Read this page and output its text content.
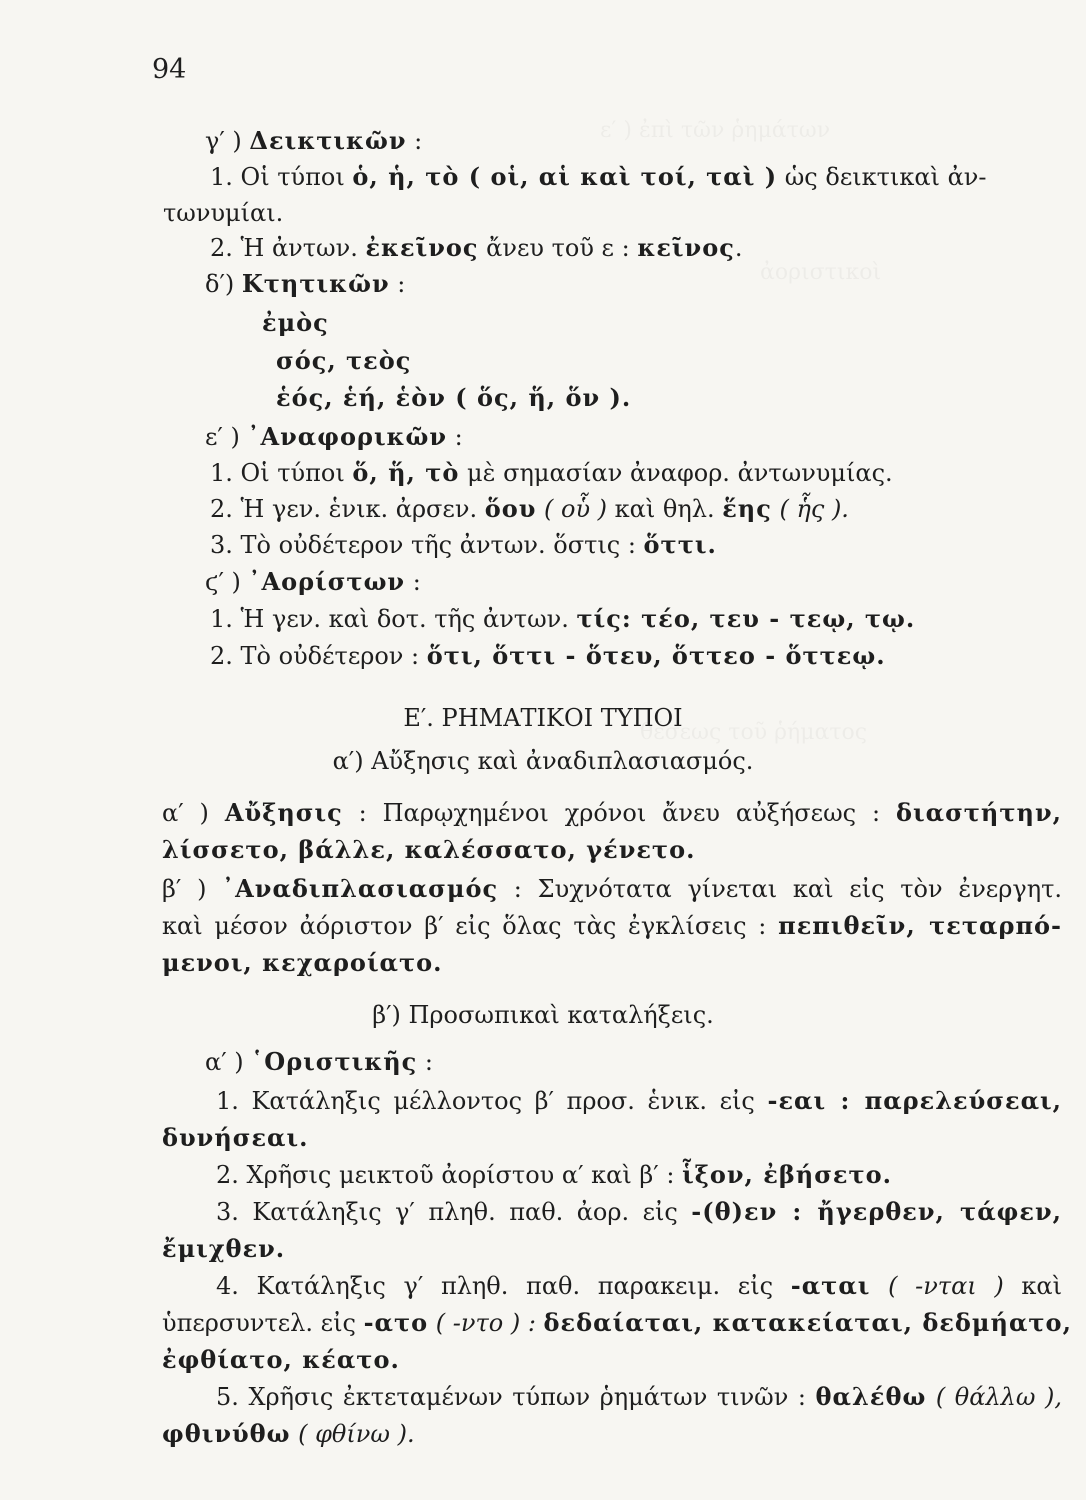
94
γ′ ) Δεικτικῶν :
1. Οἱ τύποι ὁ, ἡ, τὸ ( οἱ, αἱ καὶ τοί, ταὶ ) ὡς δεικτικαὶ ἀν-
τωνυμίαι.
2. Ἡ ἀντων. ἐκεῖνος ἄνευ τοῦ ε : κεῖνος.
δ′) Κτητικῶν :
ἐμὸς
σός, τεὸς
ἑός, ἑή, ἑὸν ( ὅς, ἥ, ὅν ).
ε′ ) ᾿Αναφορικῶν :
1. Οἱ τύποι ὅ, ἥ, τὸ μὲ σημασίαν ἀναφορ. ἀντωνυμίας.
2. Ἡ γεν. ἑνικ. ἀρσεν. ὅου ( οὗ ) καὶ θηλ. ἕης ( ἧς ).
3. Τὸ οὐδέτερον τῆς ἀντων. ὅστις : ὅττι.
ϛ′ ) ᾿Αορίστων :
1. Ἡ γεν. καὶ δοτ. τῆς ἀντων. τίς: τέο, τευ - τεῳ, τῳ.
2. Τὸ οὐδέτερον : ὅτι, ὅττι - ὅτευ, ὅττεο - ὅττεῳ.
Ε′. ΡΗΜΑΤΙΚΟΙ ΤΥΠΟΙ
α′) Αὔξησις καὶ ἀναδιπλασιασμός.
α′ ) Αὔξησις : Παρῳχημένοι χρόνοι ἄνευ αὐξήσεως : διαστήτην,
λίσσετο, βάλλε, καλέσσατο, γένετο.
β′ ) ᾿Αναδιπλασιασμός : Συχνότατα γίνεται καὶ εἰς τὸν ἐνεργητ.
καὶ μέσον ἀόριστον β′ εἰς ὅλας τὰς ἐγκλίσεις : πεπιθεῖν, τεταρπό-
μενοι, κεχαροίατο.
β′) Προσωπικαὶ καταλήξεις.
α′ ) ῾Οριστικῆς :
1. Κατάληξις μέλλοντος β′ προσ. ἑνικ. εἰς -εαι : παρελεύσεαι,
δυνήσεαι.
2. Χρῆσις μεικτοῦ ἀορίστου α′ καὶ β′ : ἷξον, ἐβήσετο.
3. Κατάληξις γ′ πληθ. παθ. ἀορ. εἰς -(θ)εν : ἤγερθεν, τάφεν,
ἔμιχθεν.
4. Κατάληξις γ′ πληθ. παθ. παρακειμ. εἰς -αται ( -νται ) καὶ
ὑπερσυντελ. εἰς -ατο ( -ντο ) : δεδαίαται, κατακείαται, δεδμήατο,
ἐφθίατο, κέατο.
5. Χρῆσις ἐκτεταμένων τύπων ῥημάτων τινῶν : θαλέθω ( θάλλω ),
φθινύθω ( φθίνω ).
